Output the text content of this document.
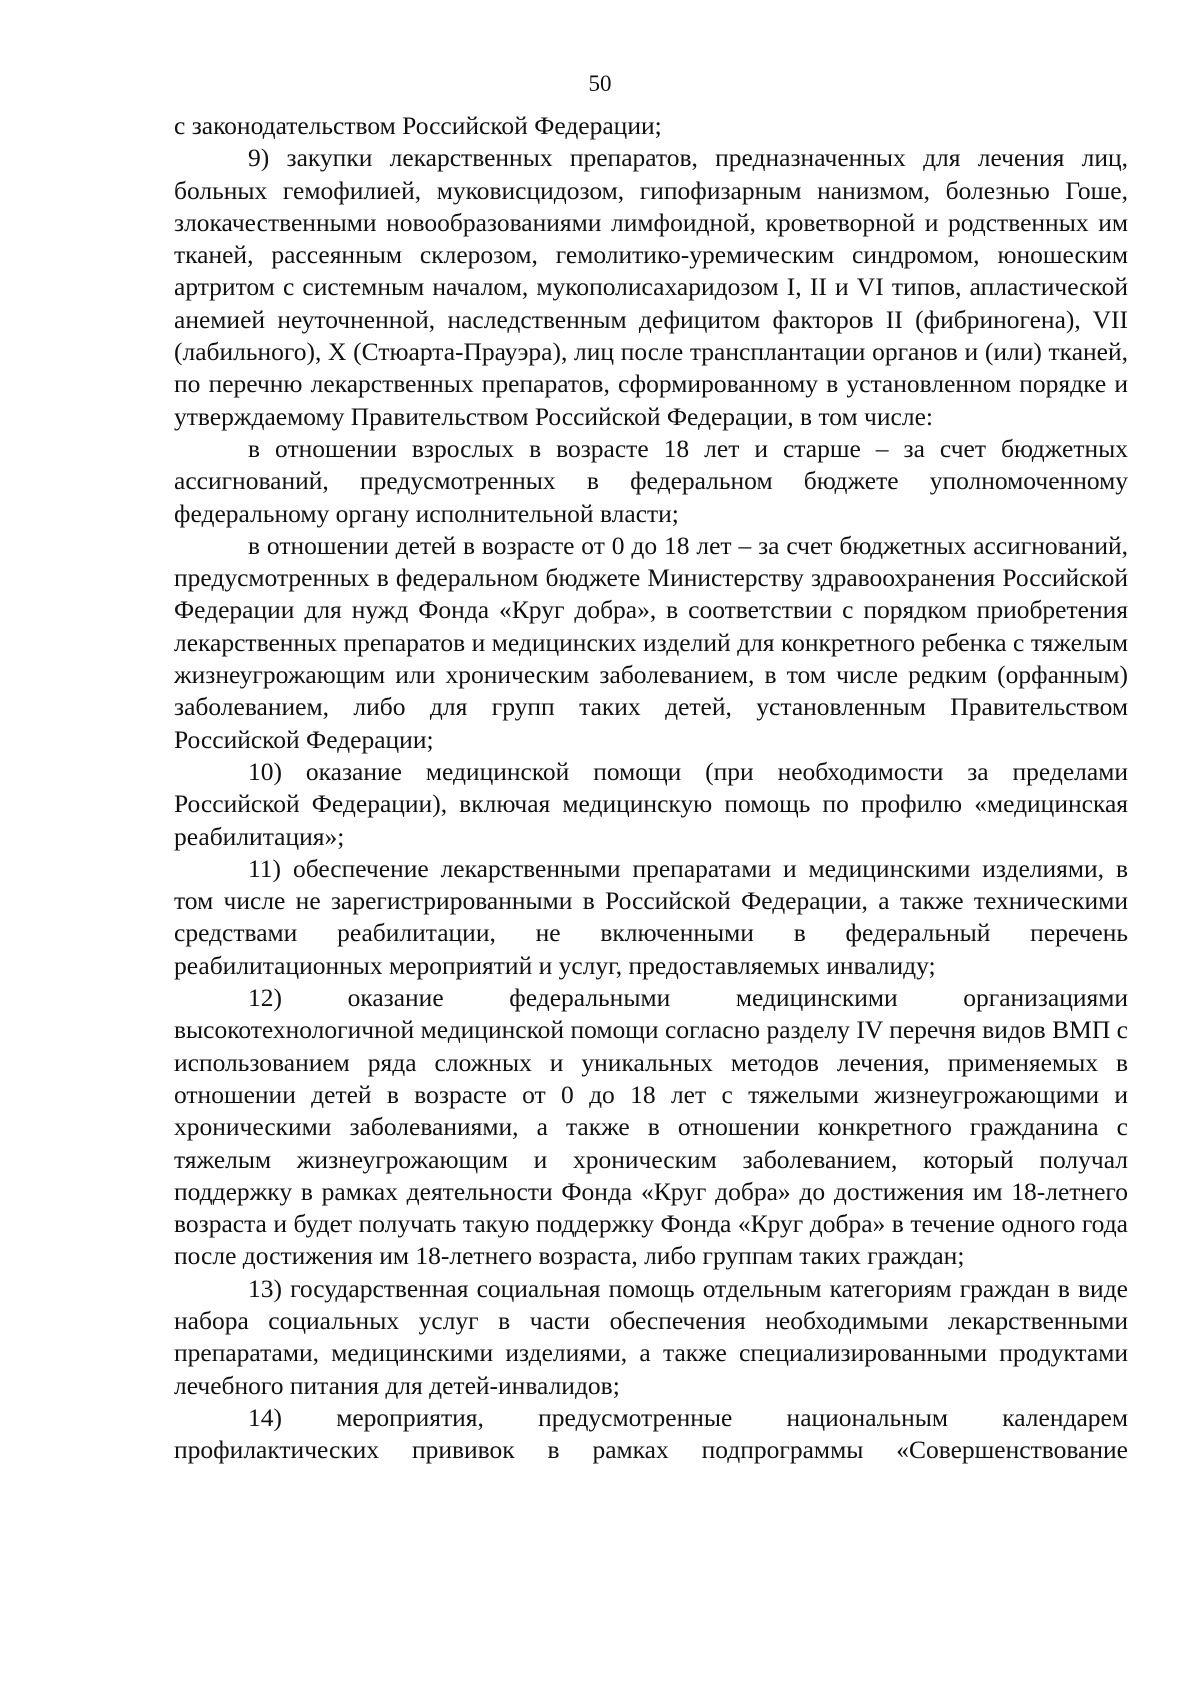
50

с законодательством Российской Федерации;

9) закупки лекарственных препаратов, предназначенных для лечения лиц, больных гемофилией, муковисцидозом, гипофизарным нанизмом, болезнью Гоше, злокачественными новообразованиями лимфоидной, кроветворной и родственных им тканей, рассеянным склерозом, гемолитико-уремическим синдромом, юношеским артритом с системным началом, мукополисахаридозом I, II и VI типов, апластической анемией неуточненной, наследственным дефицитом факторов II (фибриногена), VII (лабильного), X (Стюарта-Прауэра), лиц после трансплантации органов и (или) тканей, по перечню лекарственных препаратов, сформированному в установленном порядке и утверждаемому Правительством Российской Федерации, в том числе:

в отношении взрослых в возрасте 18 лет и старше – за счет бюджетных ассигнований, предусмотренных в федеральном бюджете уполномоченному федеральному органу исполнительной власти;

в отношении детей в возрасте от 0 до 18 лет – за счет бюджетных ассигнований, предусмотренных в федеральном бюджете Министерству здравоохранения Российской Федерации для нужд Фонда «Круг добра», в соответствии с порядком приобретения лекарственных препаратов и медицинских изделий для конкретного ребенка с тяжелым жизнеугрожающим или хроническим заболеванием, в том числе редким (орфанным) заболеванием, либо для групп таких детей, установленным Правительством Российской Федерации;

10) оказание медицинской помощи (при необходимости за пределами Российской Федерации), включая медицинскую помощь по профилю «медицинская реабилитация»;

11) обеспечение лекарственными препаратами и медицинскими изделиями, в том числе не зарегистрированными в Российской Федерации, а также техническими средствами реабилитации, не включенными в федеральный перечень реабилитационных мероприятий и услуг, предоставляемых инвалиду;

12) оказание федеральными медицинскими организациями высокотехнологичной медицинской помощи согласно разделу IV перечня видов ВМП с использованием ряда сложных и уникальных методов лечения, применяемых в отношении детей в возрасте от 0 до 18 лет с тяжелыми жизнеугрожающими и хроническими заболеваниями, а также в отношении конкретного гражданина с тяжелым жизнеугрожающим и хроническим заболеванием, который получал поддержку в рамках деятельности Фонда «Круг добра» до достижения им 18-летнего возраста и будет получать такую поддержку Фонда «Круг добра» в течение одного года после достижения им 18-летнего возраста, либо группам таких граждан;

13) государственная социальная помощь отдельным категориям граждан в виде набора социальных услуг в части обеспечения необходимыми лекарственными препаратами, медицинскими изделиями, а также специализированными продуктами лечебного питания для детей-инвалидов;

14) мероприятия, предусмотренные национальным календарем профилактических прививок в рамках подпрограммы «Совершенствование
